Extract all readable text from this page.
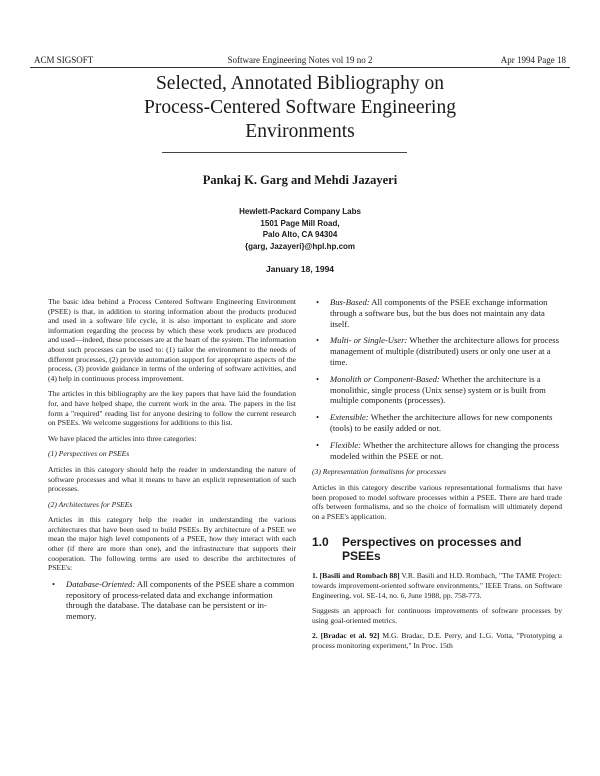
ACM SIGSOFT	Software Engineering Notes vol 19 no 2	Apr 1994 Page 18
Selected, Annotated Bibliography on
Process-Centered Software Engineering
Environments
Pankaj K. Garg and Mehdi Jazayeri
Hewlett-Packard Company Labs
1501 Page Mill Road,
Palo Alto, CA 94304
{garg, Jazayeri}@hpl.hp.com
January 18, 1994

The basic idea behind a Process Centered Software Engineering Environment (PSEE) is that, in addition to storing information about the products produced and used in a software life cycle, it is also important to explicate and store information regarding the process by which these work products are produced and used—indeed, these processes are at the heart of the system. The information about such processes can be used to: (1) tailor the environment to the needs of different processes, (2) provide automation support for appropriate aspects of the process, (3) provide guidance in terms of the ordering of software activities, and (4) help in continuous process improvement.

The articles in this bibliography are the key papers that have laid the foundation for, and have helped shape, the current work in the area. The papers in the list form a "required" reading list for anyone desiring to follow the current research on PSEEs. We welcome suggestions for additions to this list.

We have placed the articles into three categories:

(1) Perspectives on PSEEs

Articles in this category should help the reader in understanding the nature of software processes and what it means to have an explicit representation of such processes.

(2) Architectures for PSEEs

Articles in this category help the reader in understanding the various architectures that have been used to build PSEEs. By architecture of a PSEE we mean the major high level components of a PSEE, how they interact with each other (if there are more than one), and the infrastructure that supports their cooperation. The following terms are used to describe the architectures of PSEE's:

• Database-Oriented: All components of the PSEE share a common repository of process-related data and exchange information through the database. The database can be persistent or in-memory.
• Bus-Based: All components of the PSEE exchange information through a software bus, but the bus does not maintain any data itself.
• Multi- or Single-User: Whether the architecture allows for process management of multiple (distributed) users or only one user at a time.
• Monolith or Component-Based: Whether the architecture is a monolithic, single process (Unix sense) system or is built from multiple components (processes).
• Extensible: Whether the architecture allows for new components (tools) to be easily added or not.
• Flexible: Whether the architecture allows for changing the process modeled within the PSEE or not.

(3) Representation formalisms for processes

Articles in this category describe various representational formalisms that have been proposed to model software processes within a PSEE. There are hard trade offs between formalisms, and so the choice of formalism will ultimately depend on a PSEE's application.

1.0	Perspectives on processes and PSEEs

1. [Basili and Rombach 88] V.R. Basili and H.D. Rombach, "The TAME Project: towards improvement-oriented software environments," IEEE Trans. on Software Engineering, vol. SE-14, no. 6, June 1988, pp. 758-773.

Suggests an approach for continuous improvements of software processes by using goal-oriented metrics.

2. [Bradac et al. 92] M.G. Bradac, D.E. Perry, and L.G. Votta, "Prototyping a process monitoring experiment," In Proc. 15th
